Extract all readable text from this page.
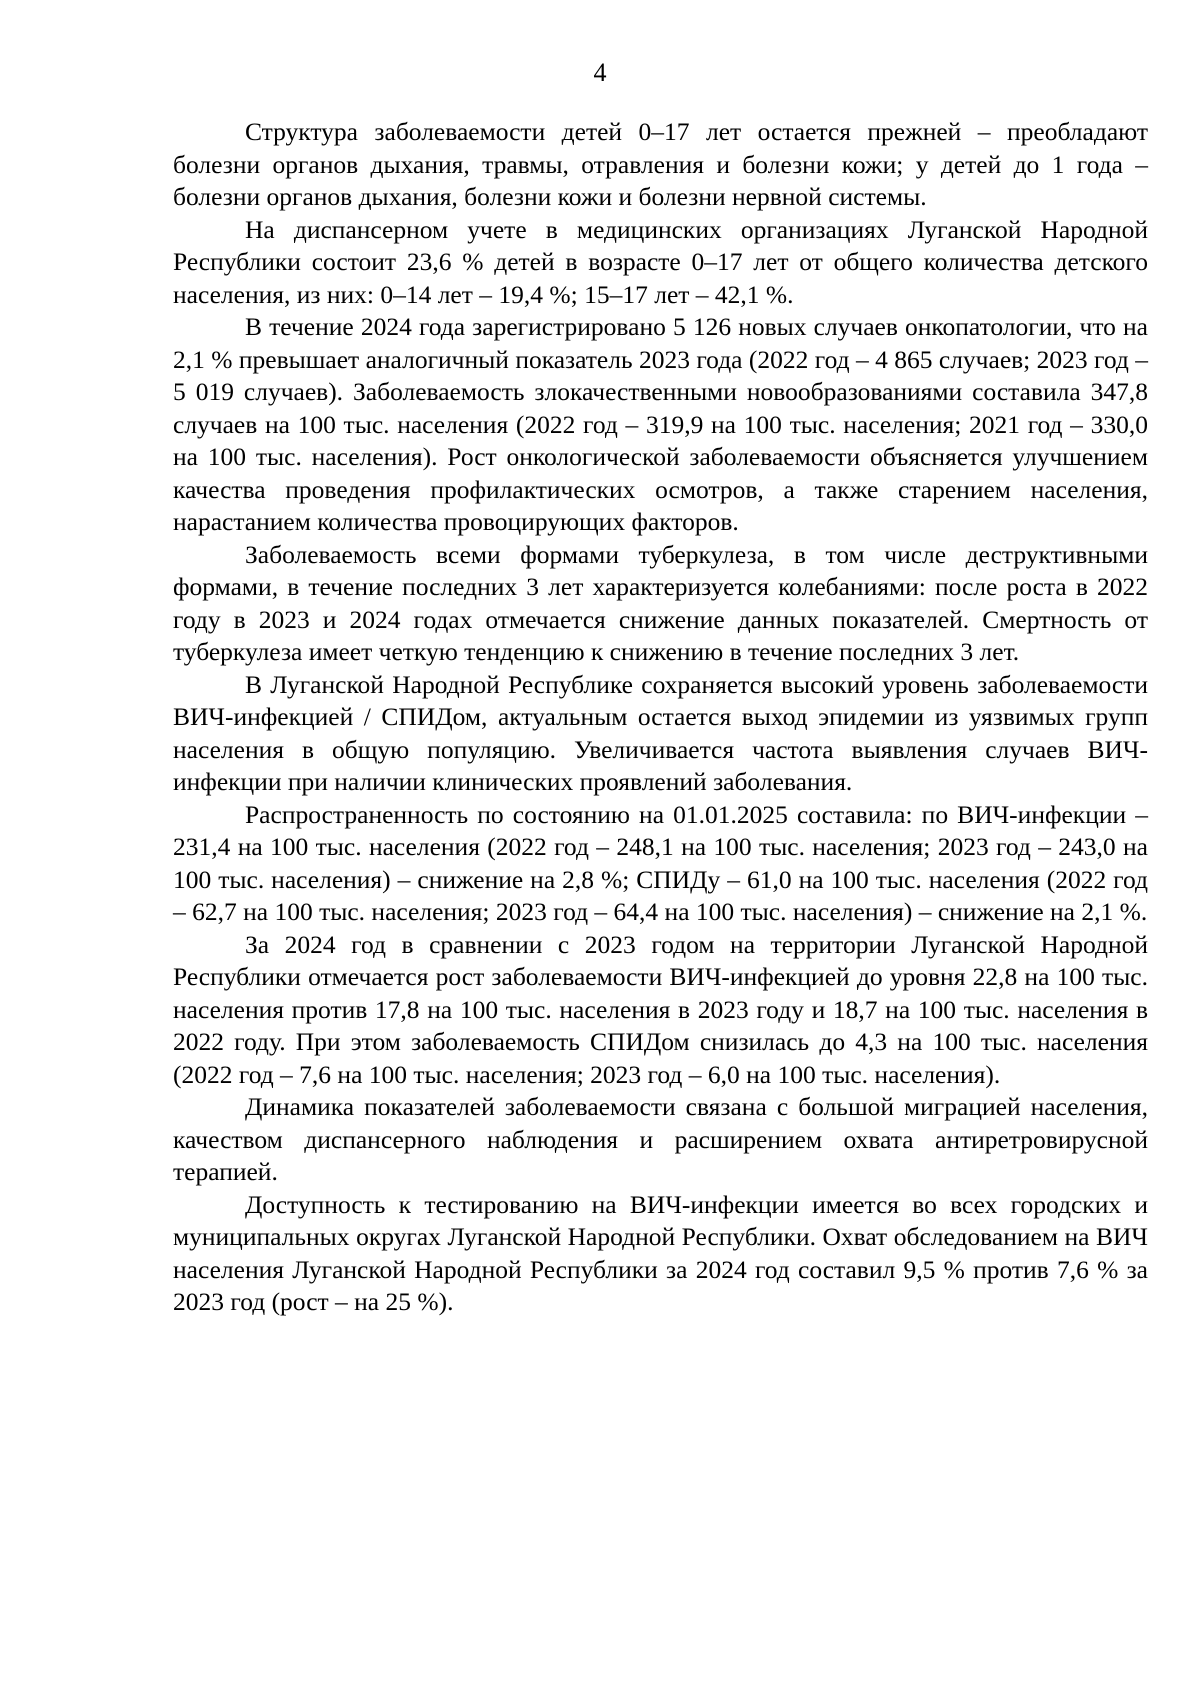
4

Структура заболеваемости детей 0–17 лет остается прежней – преобладают болезни органов дыхания, травмы, отравления и болезни кожи; у детей до 1 года – болезни органов дыхания, болезни кожи и болезни нервной системы.

На диспансерном учете в медицинских организациях Луганской Народной Республики состоит 23,6 % детей в возрасте 0–17 лет от общего количества детского населения, из них: 0–14 лет – 19,4 %; 15–17 лет – 42,1 %.

В течение 2024 года зарегистрировано 5 126 новых случаев онкопатологии, что на 2,1 % превышает аналогичный показатель 2023 года (2022 год – 4 865 случаев; 2023 год – 5 019 случаев). Заболеваемость злокачественными новообразованиями составила 347,8 случаев на 100 тыс. населения (2022 год – 319,9 на 100 тыс. населения; 2021 год – 330,0 на 100 тыс. населения). Рост онкологической заболеваемости объясняется улучшением качества проведения профилактических осмотров, а также старением населения, нарастанием количества провоцирующих факторов.

Заболеваемость всеми формами туберкулеза, в том числе деструктивными формами, в течение последних 3 лет характеризуется колебаниями: после роста в 2022 году в 2023 и 2024 годах отмечается снижение данных показателей. Смертность от туберкулеза имеет четкую тенденцию к снижению в течение последних 3 лет.

В Луганской Народной Республике сохраняется высокий уровень заболеваемости ВИЧ-инфекцией / СПИДом, актуальным остается выход эпидемии из уязвимых групп населения в общую популяцию. Увеличивается частота выявления случаев ВИЧ-инфекции при наличии клинических проявлений заболевания.

Распространенность по состоянию на 01.01.2025 составила: по ВИЧ-инфекции – 231,4 на 100 тыс. населения (2022 год – 248,1 на 100 тыс. населения; 2023 год – 243,0 на 100 тыс. населения) – снижение на 2,8 %; СПИДу – 61,0 на 100 тыс. населения (2022 год – 62,7 на 100 тыс. населения; 2023 год – 64,4 на 100 тыс. населения) – снижение на 2,1 %.

За 2024 год в сравнении с 2023 годом на территории Луганской Народной Республики отмечается рост заболеваемости ВИЧ-инфекцией до уровня 22,8 на 100 тыс. населения против 17,8 на 100 тыс. населения в 2023 году и 18,7 на 100 тыс. населения в 2022 году. При этом заболеваемость СПИДом снизилась до 4,3 на 100 тыс. населения (2022 год – 7,6 на 100 тыс. населения; 2023 год – 6,0 на 100 тыс. населения).

Динамика показателей заболеваемости связана с большой миграцией населения, качеством диспансерного наблюдения и расширением охвата антиретровирусной терапией.

Доступность к тестированию на ВИЧ-инфекции имеется во всех городских и муниципальных округах Луганской Народной Республики. Охват обследованием на ВИЧ населения Луганской Народной Республики за 2024 год составил 9,5 % против 7,6 % за 2023 год (рост – на 25 %).
